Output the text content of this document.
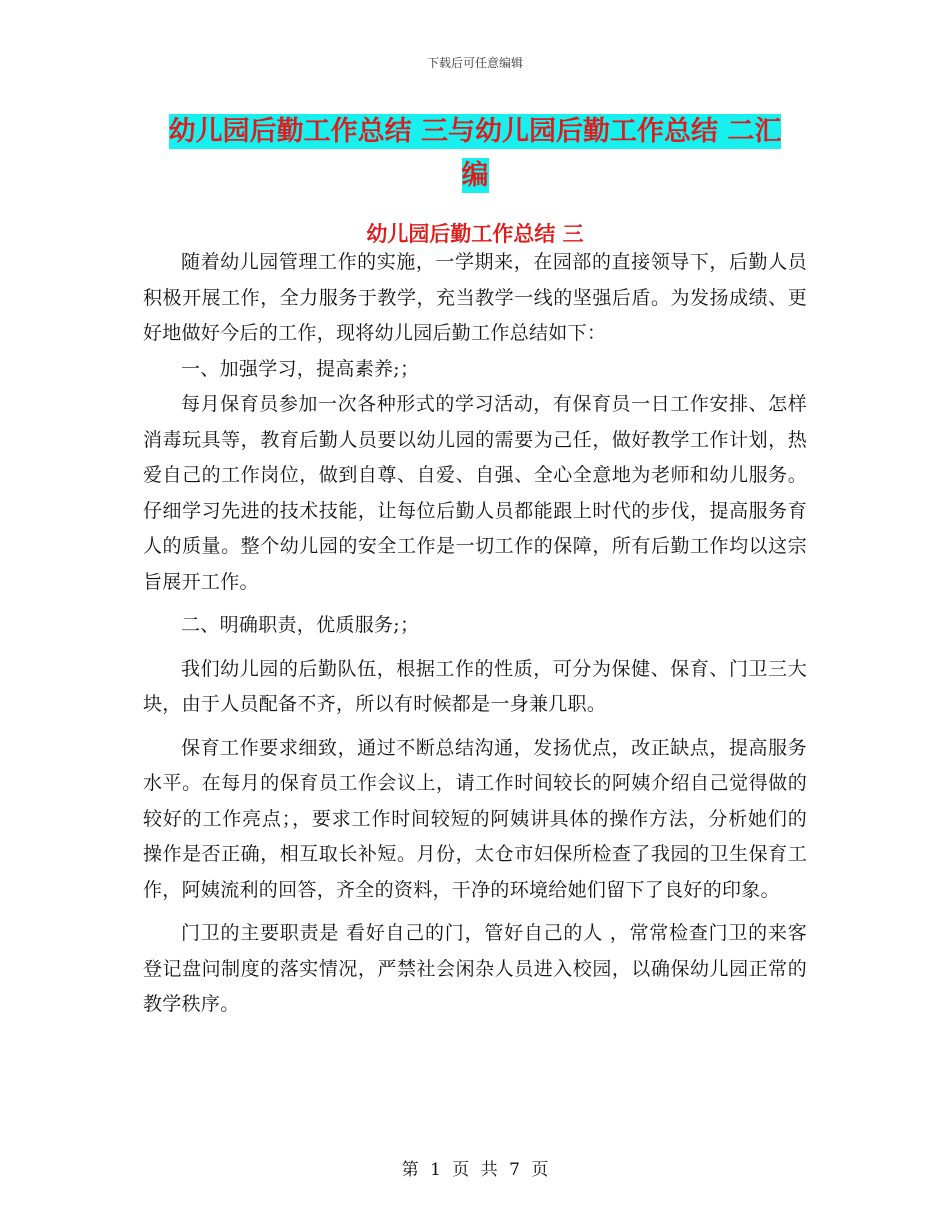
下载后可任意编辑
幼儿园后勤工作总结 三与幼儿园后勤工作总结 二汇
编
幼儿园后勤工作总结 三

随着幼儿园管理工作的实施，一学期来，在园部的直接领导下，后勤人员积极开展工作，全力服务于教学，充当教学一线的坚强后盾。为发扬成绩、更好地做好今后的工作，现将幼儿园后勤工作总结如下：

一、加强学习，提高素养;；

每月保育员参加一次各种形式的学习活动，有保育员一日工作安排、怎样消毒玩具等，教育后勤人员要以幼儿园的需要为己任，做好教学工作计划，热爱自己的工作岗位，做到自尊、自爱、自强、全心全意地为老师和幼儿服务。仔细学习先进的技术技能，让每位后勤人员都能跟上时代的步伐，提高服务育人的质量。整个幼儿园的安全工作是一切工作的保障，所有后勤工作均以这宗旨展开工作。

二、明确职责，优质服务;；

我们幼儿园的后勤队伍，根据工作的性质，可分为保健、保育、门卫三大块，由于人员配备不齐，所以有时候都是一身兼几职。

保育工作要求细致，通过不断总结沟通，发扬优点，改正缺点，提高服务水平。在每月的保育员工作会议上，请工作时间较长的阿姨介绍自己觉得做的较好的工作亮点；，要求工作时间较短的阿姨讲具体的操作方法，分析她们的操作是否正确，相互取长补短。月份，太仓市妇保所检查了我园的卫生保育工作，阿姨流利的回答，齐全的资料，干净的环境给她们留下了良好的印象。

门卫的主要职责是 看好自己的门，管好自己的人 ，常常检查门卫的来客登记盘问制度的落实情况，严禁社会闲杂人员进入校园，以确保幼儿园正常的教学秩序。

第 1 页 共 7 页
